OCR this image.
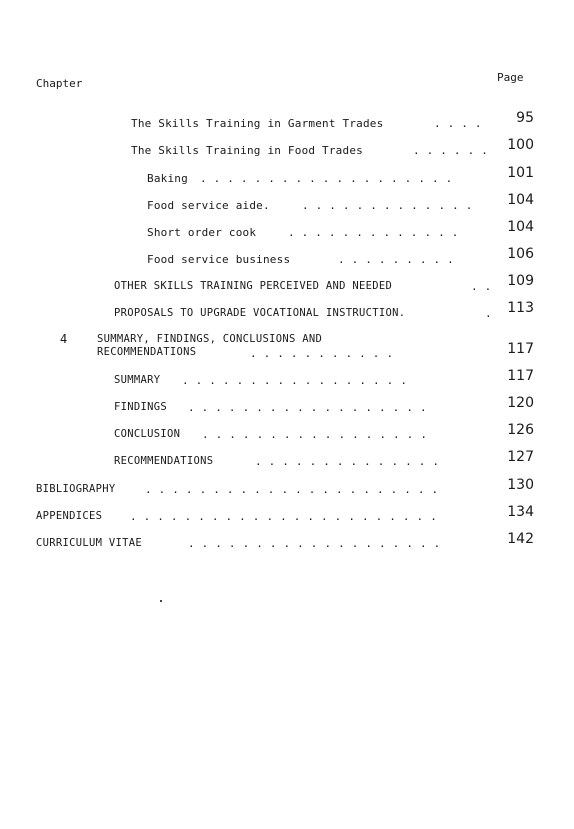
Chapter	Page
The Skills Training in Garment Trades	. . . .	95
The Skills Training in Food Trades	. . . . . .	100
Baking . . . . . . . . . . . . . . . . . . .	101
Food service aide.	. . . . . . . . . . . . .	104
Short order cook	. . . . . . . . . . . . .	104
Food service business	. . . . . . . . .	106
OTHER SKILLS TRAINING PERCEIVED AND NEEDED	. .	109
PROPOSALS TO UPGRADE VOCATIONAL INSTRUCTION.	.	113
4	SUMMARY, FINDINGS, CONCLUSIONS AND
RECOMMENDATIONS	. . . . . . . . . . .	117
SUMMARY . . . . . . . . . . . . . . . . .	117
FINDINGS . . . . . . . . . . . . . . . . . .	120
CONCLUSION . . . . . . . . . . . . . . . . .	126
RECOMMENDATIONS	. . . . . . . . . . . . . .	127
BIBLIOGRAPHY	. . . . . . . . . . . . . . . . . . . . . .	130
APPENDICES	. . . . . . . . . . . . . . . . . . . . . . .	134
CURRICULUM VITAE	. . . . . . . . . . . . . . . . . . .	142
